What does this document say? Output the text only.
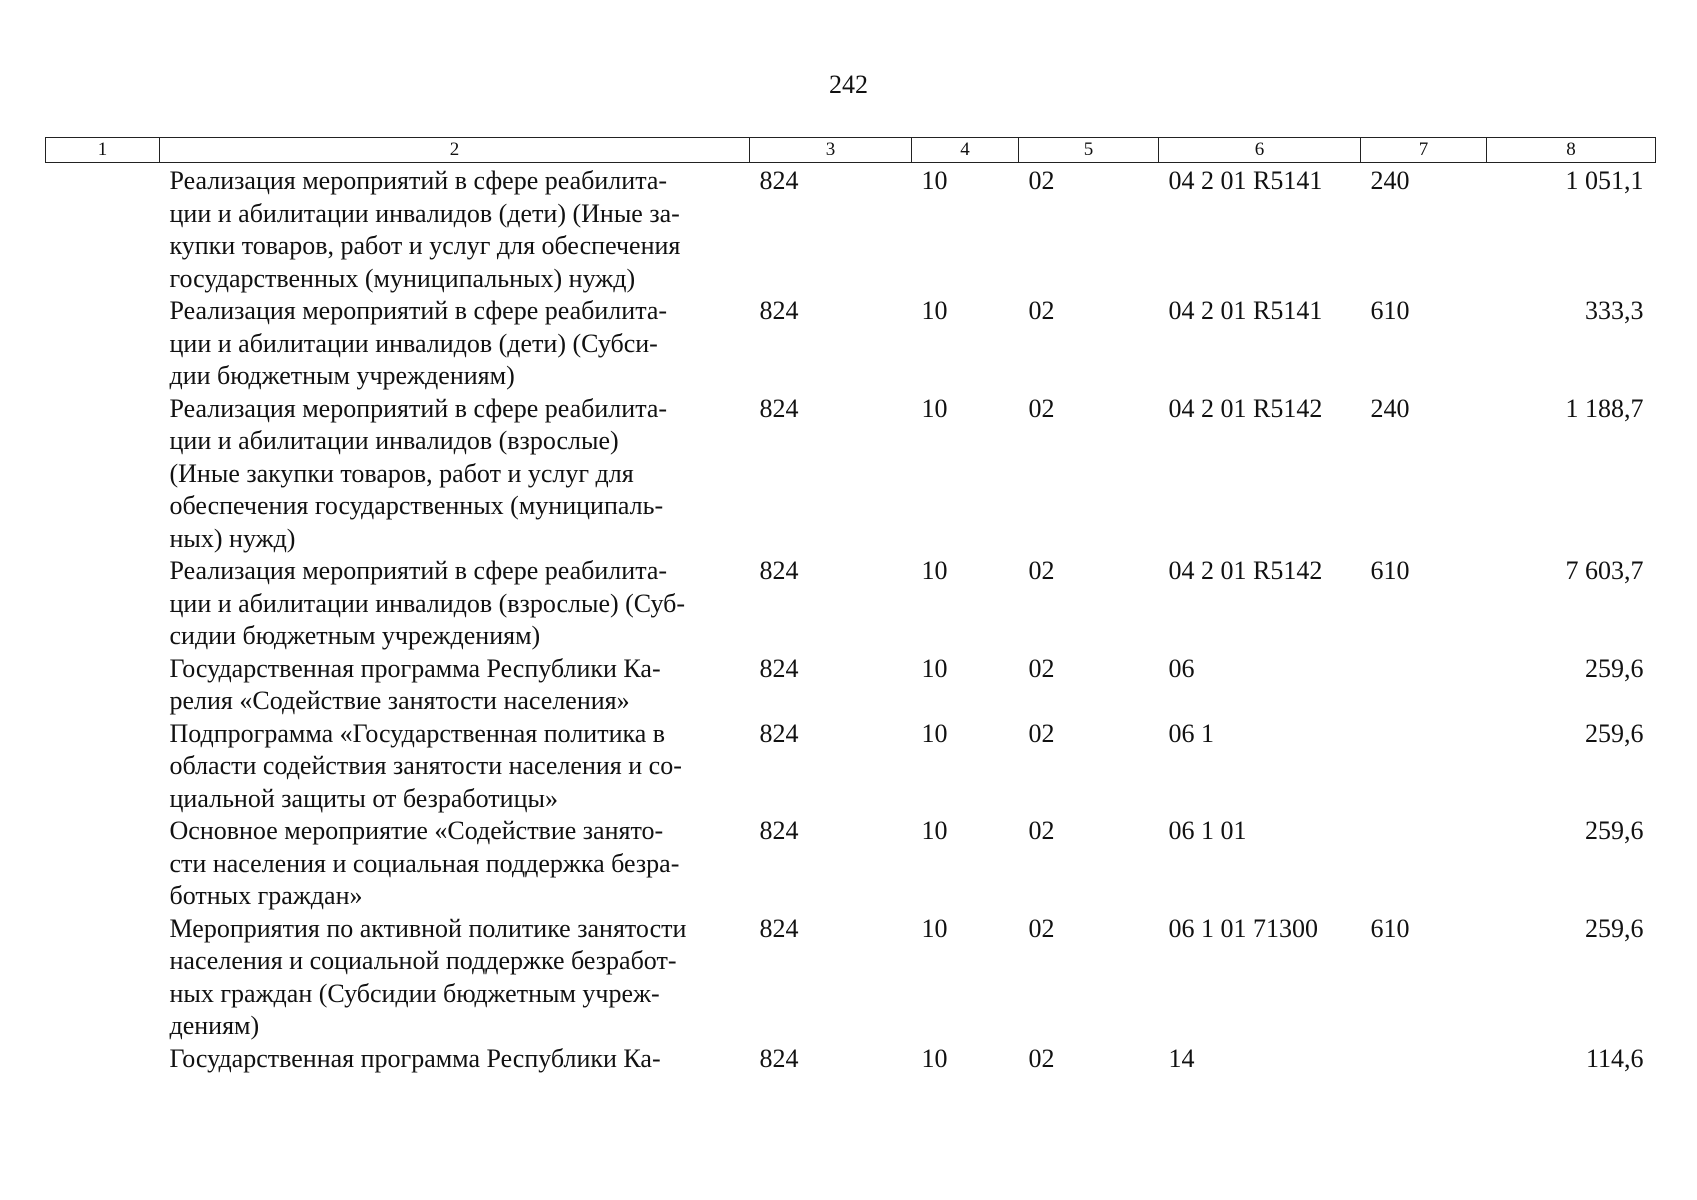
242
1	2	3	4	5	6	7	8
	Реализация мероприятий в сфере реабилита-
ции и абилитации инвалидов (дети) (Иные за-
купки товаров, работ и услуг для обеспечения
государственных (муниципальных) нужд)	824	10	02	04 2 01 R5141	240	1 051,1
	Реализация мероприятий в сфере реабилита-
ции и абилитации инвалидов (дети) (Субси-
дии бюджетным учреждениям)	824	10	02	04 2 01 R5141	610	333,3
	Реализация мероприятий в сфере реабилита-
ции и абилитации инвалидов (взрослые)
(Иные закупки товаров, работ и услуг для
обеспечения государственных (муниципаль-
ных) нужд)	824	10	02	04 2 01 R5142	240	1 188,7
	Реализация мероприятий в сфере реабилита-
ции и абилитации инвалидов (взрослые) (Суб-
сидии бюджетным учреждениям)	824	10	02	04 2 01 R5142	610	7 603,7
	Государственная программа Республики Ка-
релия «Содействие занятости населения»	824	10	02	06		259,6
	Подпрограмма «Государственная политика в
области содействия занятости населения и со-
циальной защиты от безработицы»	824	10	02	06 1		259,6
	Основное мероприятие «Содействие занято-
сти населения и социальная поддержка безра-
ботных граждан»	824	10	02	06 1 01		259,6
	Мероприятия по активной политике занятости
населения и социальной поддержке безработ-
ных граждан (Субсидии бюджетным учреж-
дениям)	824	10	02	06 1 01 71300	610	259,6
	Государственная программа Республики Ка-	824	10	02	14		114,6
